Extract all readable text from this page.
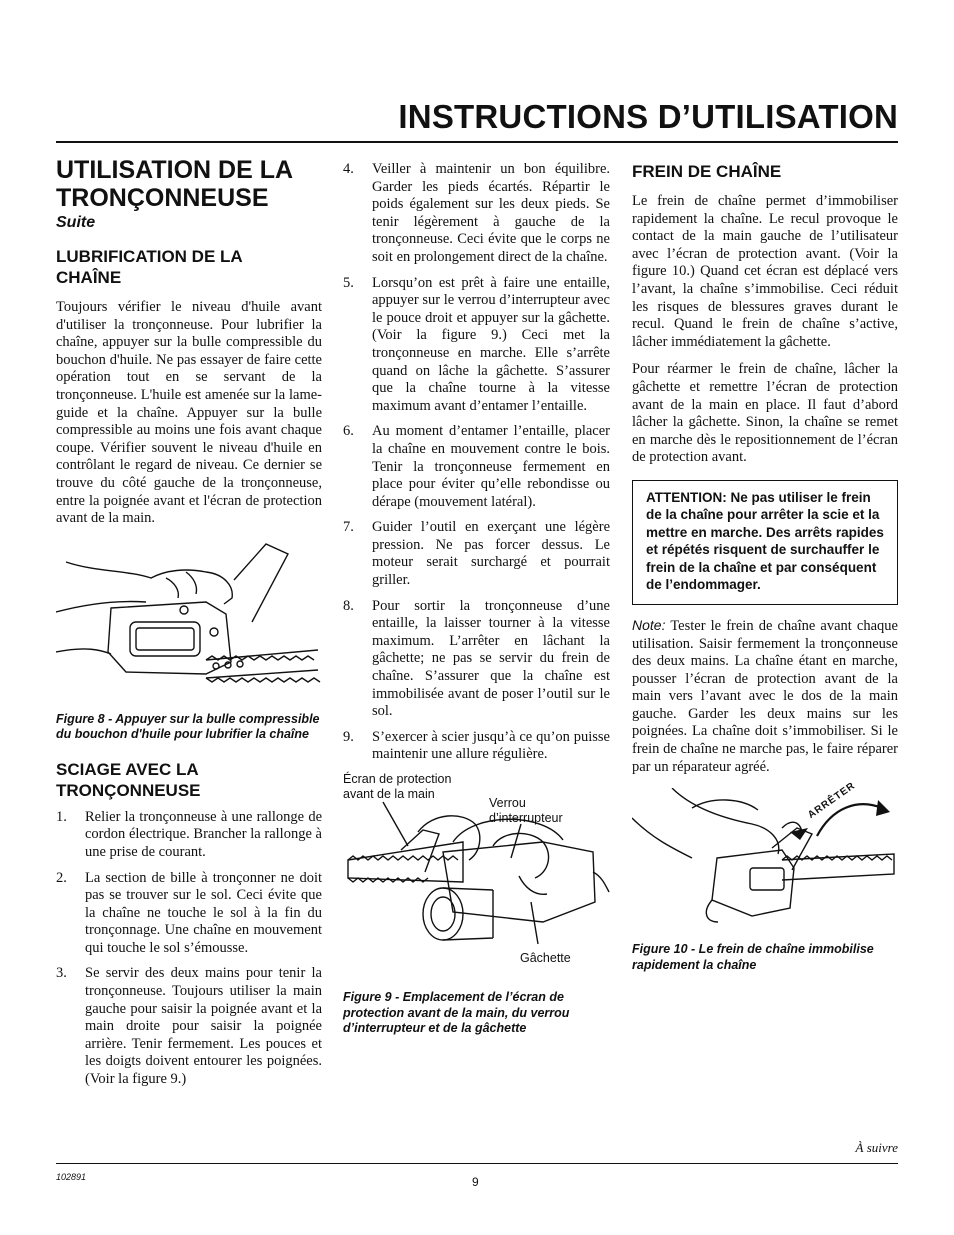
INSTRUCTIONS D’UTILISATION
UTILISATION DE LA
TRONÇONNEUSE

Suite

LUBRIFICATION DE LA
CHAÎNE

Toujours vérifier le niveau d'huile avant d'utiliser la tronçonneuse. Pour lubrifier la chaîne, appuyer sur la bulle compressible du bouchon d'huile. Ne pas essayer de faire cette opération tout en se servant de la tronçonneuse. L'huile est amenée sur la lame-guide et la chaîne. Appuyer sur la bulle compressible au moins une fois avant chaque coupe. Vérifier souvent le niveau d'huile en contrôlant le regard de niveau. Ce dernier se trouve du côté gauche de la tronçonneuse, entre la poignée avant et l'écran de protection avant de la main.

Figure 8 - Appuyer sur la bulle compressible
du bouchon d'huile pour lubrifier la chaîne

SCIAGE AVEC LA
TRONÇONNEUSE
1. Relier la tronçonneuse à une rallonge de cordon électrique. Brancher la rallonge à une prise de courant.
2. La section de bille à tronçonner ne doit pas se trouver sur le sol. Ceci évite que la chaîne ne touche le sol à la fin du tronçonnage. Une chaîne en mouvement qui touche le sol s’émousse.
3. Se servir des deux mains pour tenir la tronçonneuse. Toujours utiliser la main gauche pour saisir la poignée avant et la main droite pour saisir la poignée arrière. Tenir fermement. Les pouces et les doigts doivent entourer les poignées. (Voir la figure 9.)
4. Veiller à maintenir un bon équilibre. Garder les pieds écartés. Répartir le poids également sur les deux pieds. Se tenir légèrement à gauche de la tronçonneuse. Ceci évite que le corps ne soit en prolongement direct de la chaîne.
5. Lorsqu’on est prêt à faire une entaille, appuyer sur le verrou d’interrupteur avec le pouce droit et appuyer sur la gâchette. (Voir la figure 9.) Ceci met la tronçonneuse en marche. Elle s’arrête quand on lâche la gâchette. S’assurer que la chaîne tourne à la vitesse maximum avant d’entamer l’entaille.
6. Au moment d’entamer l’entaille, placer la chaîne en mouvement contre le bois. Tenir la tronçonneuse fermement en place pour éviter qu’elle rebondisse ou dérape (mouvement latéral).
7. Guider l’outil en exerçant une légère pression. Ne pas forcer dessus. Le moteur serait surchargé et pourrait griller.
8. Pour sortir la tronçonneuse d’une entaille, la laisser tourner à la vitesse maximum. L’arrêter en lâchant la gâchette; ne pas se servir du frein de chaîne. S’assurer que la chaîne est immobilisée avant de poser l’outil sur le sol.
9. S’exercer à scier jusqu’à ce qu’on puisse maintenir une allure régulière.
Écran de protection
avant de la main
Verrou
d’interrupteur
Gâchette

Figure 9 - Emplacement de l’écran de protection avant de la main, du verrou d’interrupteur et de la gâchette

FREIN DE CHAÎNE

Le frein de chaîne permet d’immobiliser rapidement la chaîne. Le recul provoque le contact de la main gauche de l’utilisateur avec l’écran de protection avant. (Voir la figure 10.) Quand cet écran est déplacé vers l’avant, la chaîne s’immobilise. Ceci réduit les risques de blessures graves durant le recul. Quand le frein de chaîne s’active, lâcher immédiatement la gâchette.

Pour réarmer le frein de chaîne, lâcher la gâchette et remettre l’écran de protection avant de la main en place. Il faut d’abord lâcher la gâchette. Sinon, la chaîne se remet en marche dès le repositionnement de l’écran de protection avant.

ATTENTION: Ne pas utiliser le frein de la chaîne pour arrêter la scie et la mettre en marche. Des arrêts rapides et répétés risquent de surchauffer le frein de la chaîne et par conséquent de l’endommager.

Note: Tester le frein de chaîne avant chaque utilisation. Saisir fermement la tronçonneuse des deux mains. La chaîne étant en marche, pousser l’écran de protection avant de la main vers l’avant avec le dos de la main gauche. Garder les deux mains sur les poignées. La chaîne doit s’immobiliser. Si le frein de chaîne ne marche pas, le faire réparer par un réparateur agréé.

ARRÊTER

Figure 10 - Le frein de chaîne immobilise rapidement la chaîne

À suivre
102891	9
